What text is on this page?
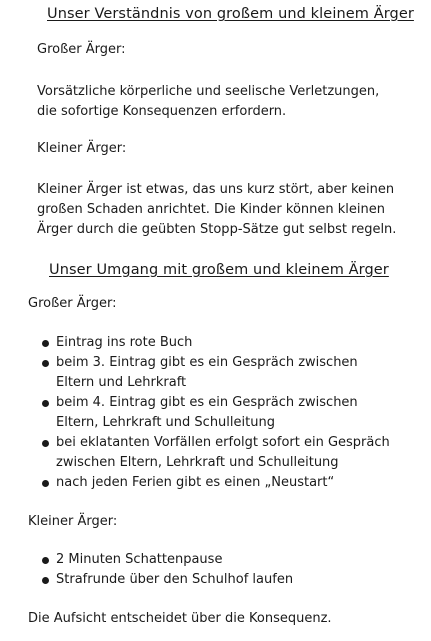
Unser Verständnis von großem und kleinem Ärger
Großer Ärger:

Vorsätzliche körperliche und seelische Verletzungen, die sofortige Konsequenzen erfordern.

Kleiner Ärger:

Kleiner Ärger ist etwas, das uns kurz stört, aber keinen großen Schaden anrichtet. Die Kinder können kleinen Ärger durch die geübten Stopp-Sätze gut selbst regeln.

Unser Umgang mit großem und kleinem Ärger
Großer Ärger:
Eintrag ins rote Buch
beim 3. Eintrag gibt es ein Gespräch zwischen Eltern und Lehrkraft
beim 4. Eintrag gibt es ein Gespräch zwischen Eltern, Lehrkraft und Schulleitung
bei eklatanten Vorfällen erfolgt sofort ein Gespräch zwischen Eltern, Lehrkraft und Schulleitung
nach jeden Ferien gibt es einen „Neustart“
Kleiner Ärger:
2 Minuten Schattenpause
Strafrunde über den Schulhof laufen
Die Aufsicht entscheidet über die Konsequenz.
